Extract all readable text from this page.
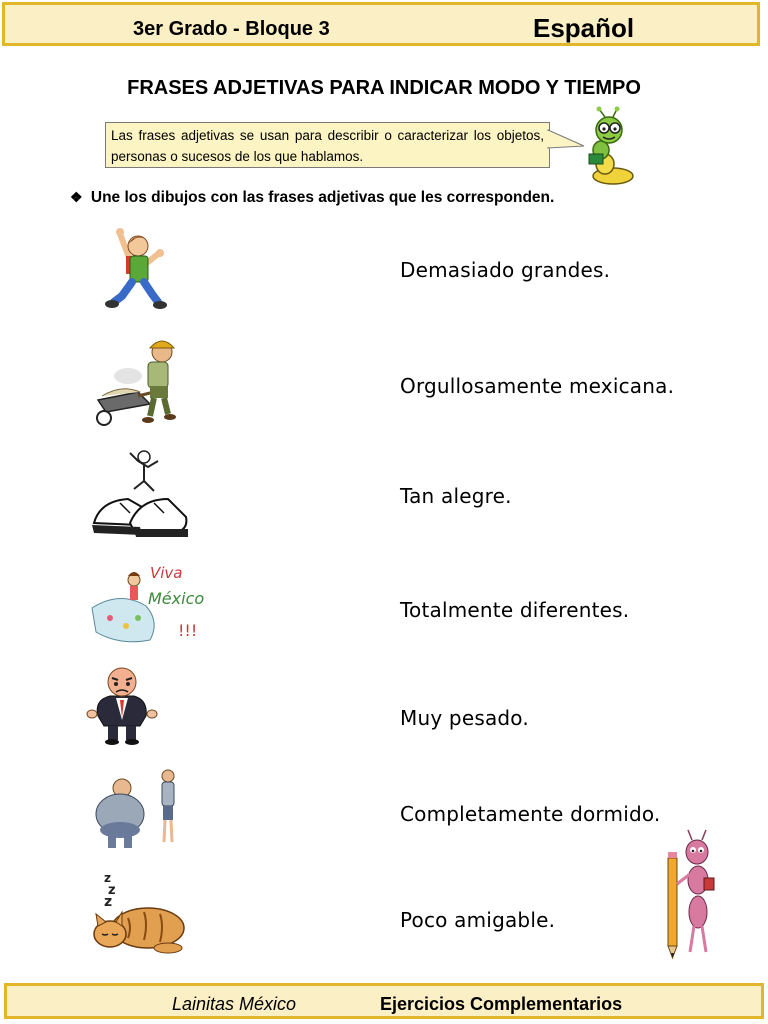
3er Grado - Bloque 3	Español
FRASES ADJETIVAS PARA INDICAR MODO Y TIEMPO
Las frases adjetivas se usan para describir o caracterizar los objetos, personas o sucesos de los que hablamos.
❖ Une los dibujos con las frases adjetivas que les corresponden.
Viva
México
!!!
z
z
z
Demasiado grandes.
Orgullosamente mexicana.
Tan alegre.
Totalmente diferentes.
Muy pesado.
Completamente dormido.
Poco amigable.
Lainitas México	Ejercicios Complementarios
